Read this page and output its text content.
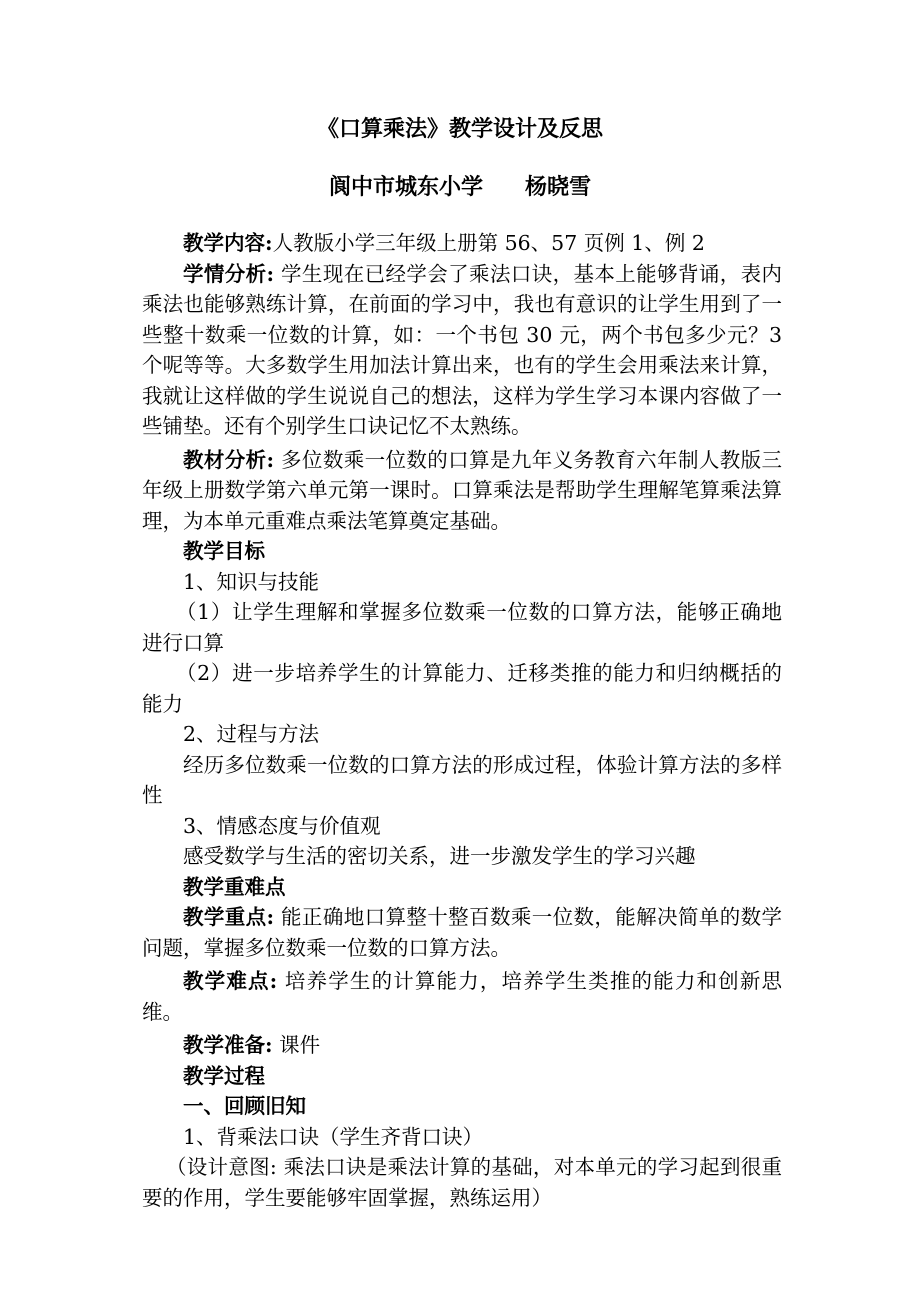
《口算乘法》教学设计及反思
阆中市城东小学 杨晓雪

教学内容:人教版小学三年级上册第 56、57 页例 1、例 2

学情分析: 学生现在已经学会了乘法口诀，基本上能够背诵，表内乘法也能够熟练计算，在前面的学习中，我也有意识的让学生用到了一些整十数乘一位数的计算，如：一个书包 30 元，两个书包多少元？3 个呢等等。大多数学生用加法计算出来，也有的学生会用乘法来计算，我就让这样做的学生说说自己的想法，这样为学生学习本课内容做了一些铺垫。还有个别学生口诀记忆不太熟练。

教材分析: 多位数乘一位数的口算是九年义务教育六年制人教版三年级上册数学第六单元第一课时。口算乘法是帮助学生理解笔算乘法算理，为本单元重难点乘法笔算奠定基础。

教学目标

1、知识与技能

（1）让学生理解和掌握多位数乘一位数的口算方法，能够正确地进行口算

（2）进一步培养学生的计算能力、迁移类推的能力和归纳概括的能力

2、过程与方法

经历多位数乘一位数的口算方法的形成过程，体验计算方法的多样性

3、情感态度与价值观

感受数学与生活的密切关系，进一步激发学生的学习兴趣

教学重难点

教学重点: 能正确地口算整十整百数乘一位数，能解决简单的数学问题，掌握多位数乘一位数的口算方法。

教学难点: 培养学生的计算能力，培养学生类推的能力和创新思维。

教学准备: 课件

教学过程

一、回顾旧知

1、背乘法口诀（学生齐背口诀）

（设计意图: 乘法口诀是乘法计算的基础，对本单元的学习起到很重要的作用，学生要能够牢固掌握，熟练运用）
